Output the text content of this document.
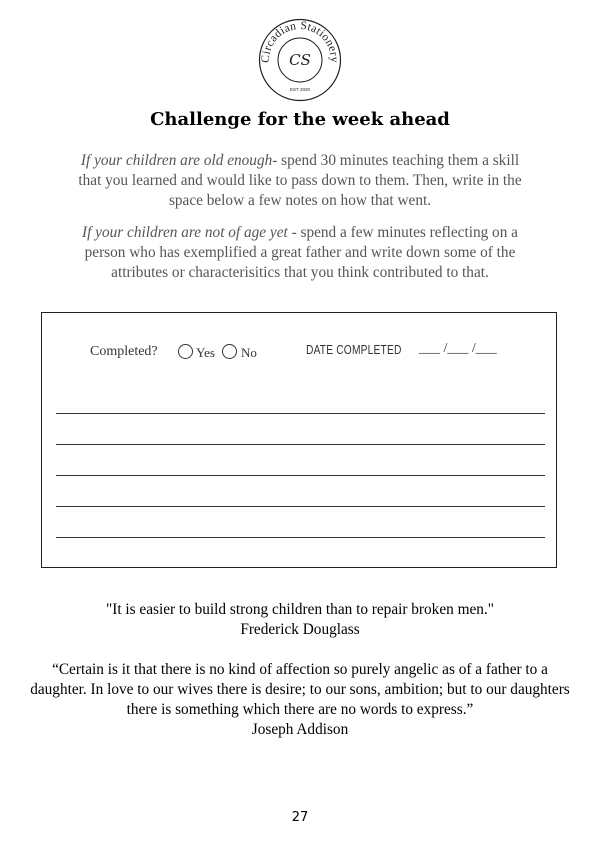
Circadian Stationery
CS
EST 2020
Challenge for the week ahead
If your children are old enough- spend 30 minutes teaching them a skill that you learned and would like to pass down to them. Then, write in the space below a few notes on how that went.
If your children are not of age yet - spend a few minutes reflecting on a person who has exemplified a great father and write down some of the attributes or characterisitics that you think contributed to that.
Completed?	Yes No	DATE COMPLETED ___ /___ /___
"It is easier to build strong children than to repair broken men."
Frederick Douglass
“Certain is it that there is no kind of affection so purely angelic as of a father to a daughter. In love to our wives there is desire; to our sons, ambition; but to our daughters there is something which there are no words to express.”
Joseph Addison
27
